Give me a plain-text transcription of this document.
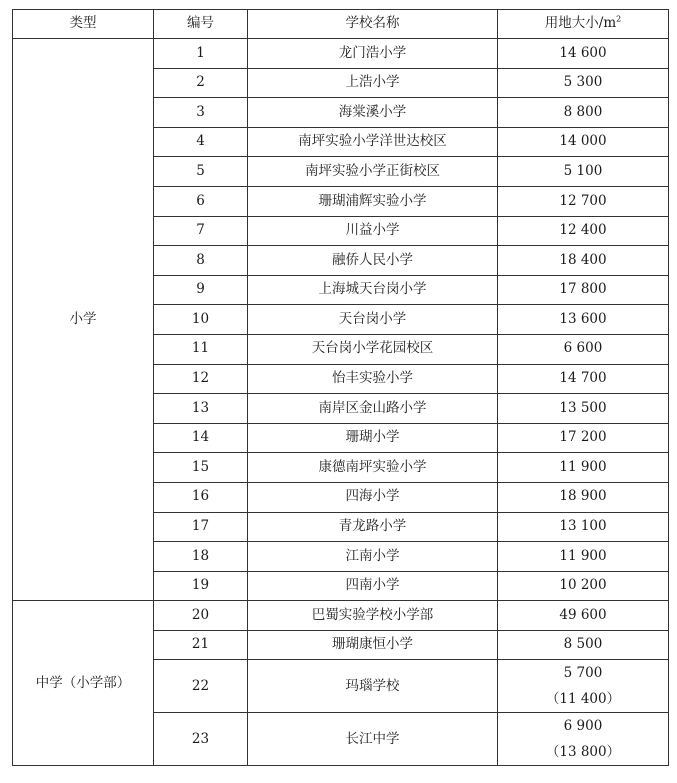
类型	编号	学校名称	用地大小$/m^2$
小学	1	龙门浩小学	14 600
	2	上浩小学	5 300
	3	海棠溪小学	8 800
	4	南坪实验小学洋世达校区	14 000
	5	南坪实验小学正街校区	5 100
	6	珊瑚浦辉实验小学	12 700
	7	川益小学	12 400
	8	融侨人民小学	18 400
	9	上海城天台岗小学	17 800
	10	天台岗小学	13 600
	11	天台岗小学花园校区	6 600
	12	怡丰实验小学	14 700
	13	南岸区金山路小学	13 500
	14	珊瑚小学	17 200
	15	康德南坪实验小学	11 900
	16	四海小学	18 900
	17	青龙路小学	13 100
	18	江南小学	11 900
	19	四南小学	10 200
中学（小学部）	20	巴蜀实验学校小学部	49 600
	21	珊瑚康恒小学	8 500
	22	玛瑙学校	5 700
（11 400）

	23	长江中学	6 900
（13 800）
